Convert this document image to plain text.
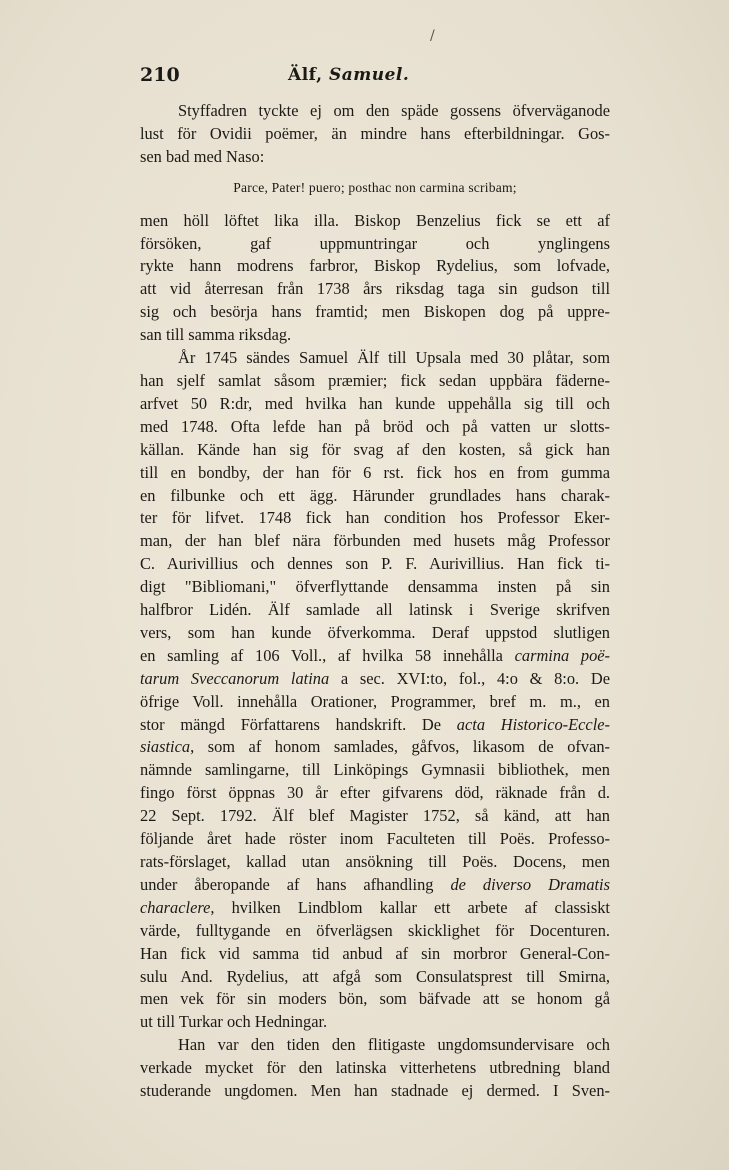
/
210	Älf, Samuel.
Styffadren tyckte ej om den späde gossens öfverväganode
lust för Ovidii poëmer, än mindre hans efterbildningar. Gos-
sen bad med Naso:
Parce, Pater! puero; posthac non carmina scribam;
men höll löftet lika illa. Biskop Benzelius fick se ett af
försöken, gaf uppmuntringar och ynglingens
rykte hann modrens farbror, Biskop Rydelius, som lofvade,
att vid återresan från 1738 års riksdag taga sin gudson till
sig och besörja hans framtid; men Biskopen dog på uppre-
san till samma riksdag.
År 1745 sändes Samuel Älf till Upsala med 30 plåtar, som
han sjelf samlat såsom præmier; fick sedan uppbära fäderne-
arfvet 50 R:dr, med hvilka han kunde uppehålla sig till och
med 1748. Ofta lefde han på bröd och på vatten ur slotts-
källan. Kände han sig för svag af den kosten, så gick han
till en bondby, der han för 6 rst. fick hos en from gumma
en filbunke och ett ägg. Härunder grundlades hans charak-
ter för lifvet. 1748 fick han condition hos Professor Eker-
man, der han blef nära förbunden med husets måg Professor
C. Aurivillius och dennes son P. F. Aurivillius. Han fick ti-
digt "Bibliomani," öfverflyttande densamma insten på sin
halfbror Lidén. Älf samlade all latinsk i Sverige skrifven
vers, som han kunde öfverkomma. Deraf uppstod slutligen
en samling af 106 Voll., af hvilka 58 innehålla carmina poë-
tarum Sveccanorum latina a sec. XVI:to, fol., 4:o & 8:o. De
öfrige Voll. innehålla Orationer, Programmer, bref m. m., en
stor mängd Författarens handskrift. De acta Historico-Eccle-
siastica, som af honom samlades, gåfvos, likasom de ofvan-
nämnde samlingarne, till Linköpings Gymnasii bibliothek, men
fingo först öppnas 30 år efter gifvarens död, räknade från d.
22 Sept. 1792. Älf blef Magister 1752, så känd, att han
följande året hade röster inom Faculteten till Poës. Professo-
rats-förslaget, kallad utan ansökning till Poës. Docens, men
under åberopande af hans afhandling de diverso Dramatis
characlere, hvilken Lindblom kallar ett arbete af classiskt
värde, fulltygande en öfverlägsen skicklighet för Docenturen.
Han fick vid samma tid anbud af sin morbror General-Con-
sulu And. Rydelius, att afgå som Consulatsprest till Smirna,
men vek för sin moders bön, som bäfvade att se honom gå
ut till Turkar och Hedningar.
Han var den tiden den flitigaste ungdomsundervisare och
verkade mycket för den latinska vitterhetens utbredning bland
studerande ungdomen. Men han stadnade ej dermed. I Sven-
